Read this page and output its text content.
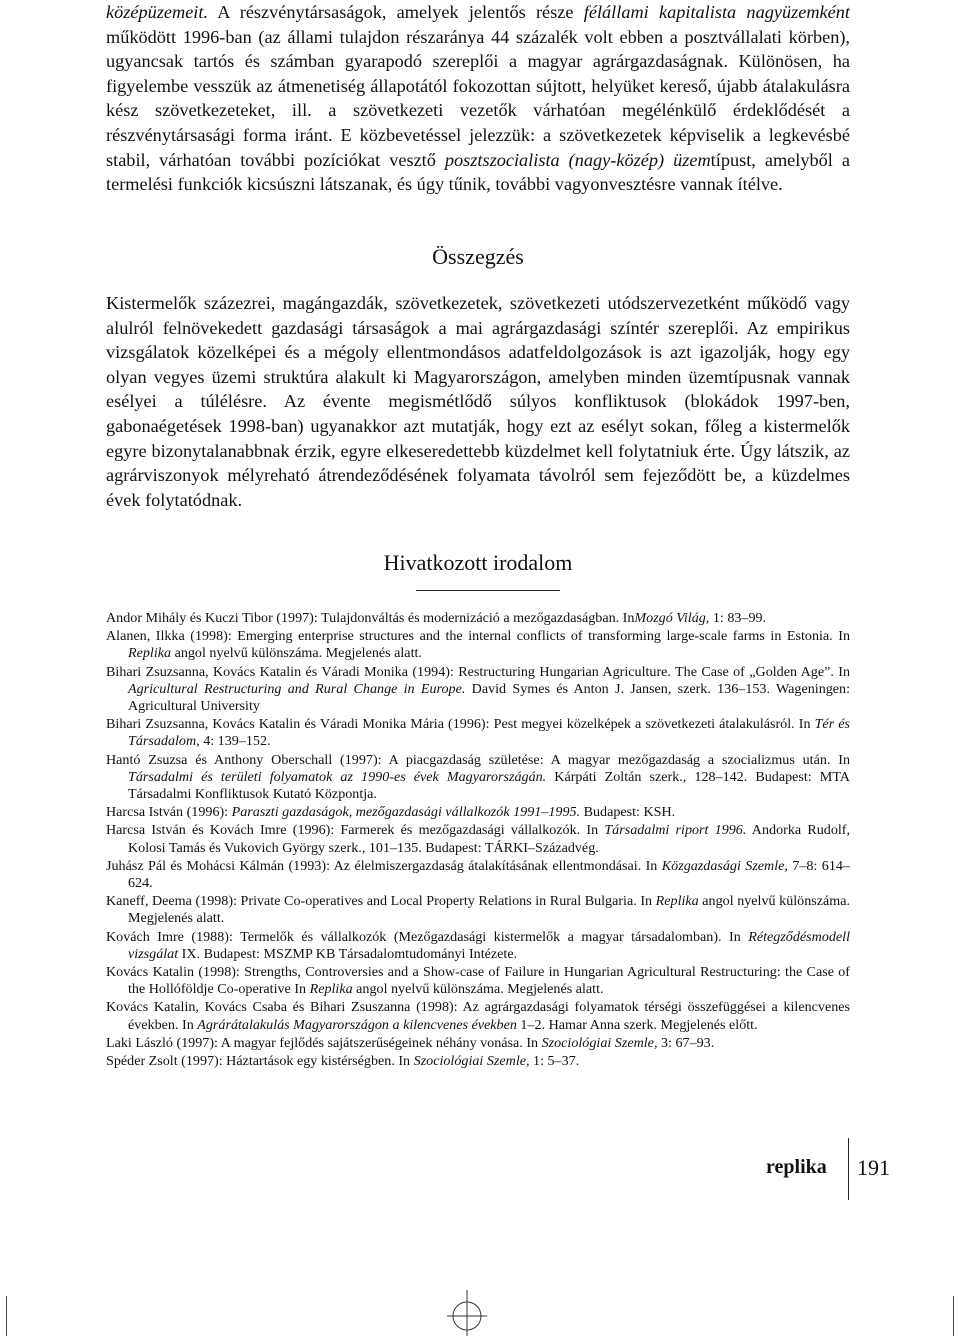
középüzemeit. A részvénytársaságok, amelyek jelentős része félállami kapitalista nagyüzemként működött 1996-ban (az állami tulajdon részaránya 44 százalék volt ebben a posztvállalati körben), ugyancsak tartós és számban gyarapodó szereplői a magyar agrárgazdaságnak. Különösen, ha figyelembe vesszük az átmenetiség állapotától fokozottan sújtott, helyüket kereső, újabb átalakulásra kész szövetkezeteket, ill. a szövetkezeti vezetők várhatóan megélénkülő érdeklődését a részvénytársasági forma iránt. E közbevetéssel jelezzük: a szövetkezetek képviselik a legkevésbé stabil, várhatóan további pozíciókat vesztő posztszocialista (nagy-közép) üzemtípust, amelyből a termelési funkciók kicsúszni látszanak, és úgy tűnik, további vagyonvesztésre vannak ítélve.

Összegzés

Kistermelők százezrei, magángazdák, szövetkezetek, szövetkezeti utódszervezetként működő vagy alulról felnövekedett gazdasági társaságok a mai agrárgazdasági színtér szereplői. Az empirikus vizsgálatok közelképei és a mégoly ellentmondásos adatfeldolgozások is azt igazolják, hogy egy olyan vegyes üzemi struktúra alakult ki Magyarországon, amelyben minden üzemtípusnak vannak esélyei a túlélésre. Az évente megismétlődő súlyos konfliktusok (blokádok 1997-ben, gabonaégetések 1998-ban) ugyanakkor azt mutatják, hogy ezt az esélyt sokan, főleg a kistermelők egyre bizonytalanabbnak érzik, egyre elkeseredettebb küzdelmet kell folytatniuk érte. Úgy látszik, az agrárviszonyok mélyreható átrendeződésének folyamata távolról sem fejeződött be, a küzdelmes évek folytatódnak.

Hivatkozott irodalom

Andor Mihály és Kuczi Tibor (1997): Tulajdonváltás és modernizáció a mezőgazdaságban. InMozgó Világ, 1: 83–99.

Alanen, Ilkka (1998): Emerging enterprise structures and the internal conflicts of transforming large-scale farms in Estonia. In Replika angol nyelvű különszáma. Megjelenés alatt.

Bihari Zsuzsanna, Kovács Katalin és Váradi Monika (1994): Restructuring Hungarian Agriculture. The Case of „Golden Age”. In Agricultural Restructuring and Rural Change in Europe. David Symes és Anton J. Jansen, szerk. 136–153. Wageningen: Agricultural University

Bihari Zsuzsanna, Kovács Katalin és Váradi Monika Mária (1996): Pest megyei közelképek a szövetkezeti átalakulásról. In Tér és Társadalom, 4: 139–152.

Hantó Zsuzsa és Anthony Oberschall (1997): A piacgazdaság születése: A magyar mezőgazdaság a szocializmus után. In Társadalmi és területi folyamatok az 1990-es évek Magyarországán. Kárpáti Zoltán szerk., 128–142. Budapest: MTA Társadalmi Konfliktusok Kutató Központja.

Harcsa István (1996): Paraszti gazdaságok, mezőgazdasági vállalkozók 1991–1995. Budapest: KSH.

Harcsa István és Kovách Imre (1996): Farmerek és mezőgazdasági vállalkozók. In Társadalmi riport 1996. Andorka Rudolf, Kolosi Tamás és Vukovich György szerk., 101–135. Budapest: TÁRKI–Századvég.

Juhász Pál és Mohácsi Kálmán (1993): Az élelmiszergazdaság átalakításának ellentmondásai. In Közgazdasági Szemle, 7–8: 614–624.

Kaneff, Deema (1998): Private Co-operatives and Local Property Relations in Rural Bulgaria. In Replika angol nyelvű különszáma. Megjelenés alatt.

Kovách Imre (1988): Termelők és vállalkozók (Mezőgazdasági kistermelők a magyar társadalomban). In Rétegződésmodell vizsgálat IX. Budapest: MSZMP KB Társadalomtudományi Intézete.

Kovács Katalin (1998): Strengths, Controversies and a Show-case of Failure in Hungarian Agricultural Restructuring: the Case of the Hollóföldje Co-operative In Replika angol nyelvű különszáma. Megjelenés alatt.

Kovács Katalin, Kovács Csaba és Bihari Zsuszanna (1998): Az agrárgazdasági folyamatok térségi összefüggései a kilencvenes években. In Agrárátalakulás Magyarországon a kilencvenes években 1–2. Hamar Anna szerk. Megjelenés előtt.

Laki László (1997): A magyar fejlődés sajátszerűségeinek néhány vonása. In Szociológiai Szemle, 3: 67–93.

Spéder Zsolt (1997): Háztartások egy kistérségben. In Szociológiai Szemle, 1: 5–37.

replika 191
